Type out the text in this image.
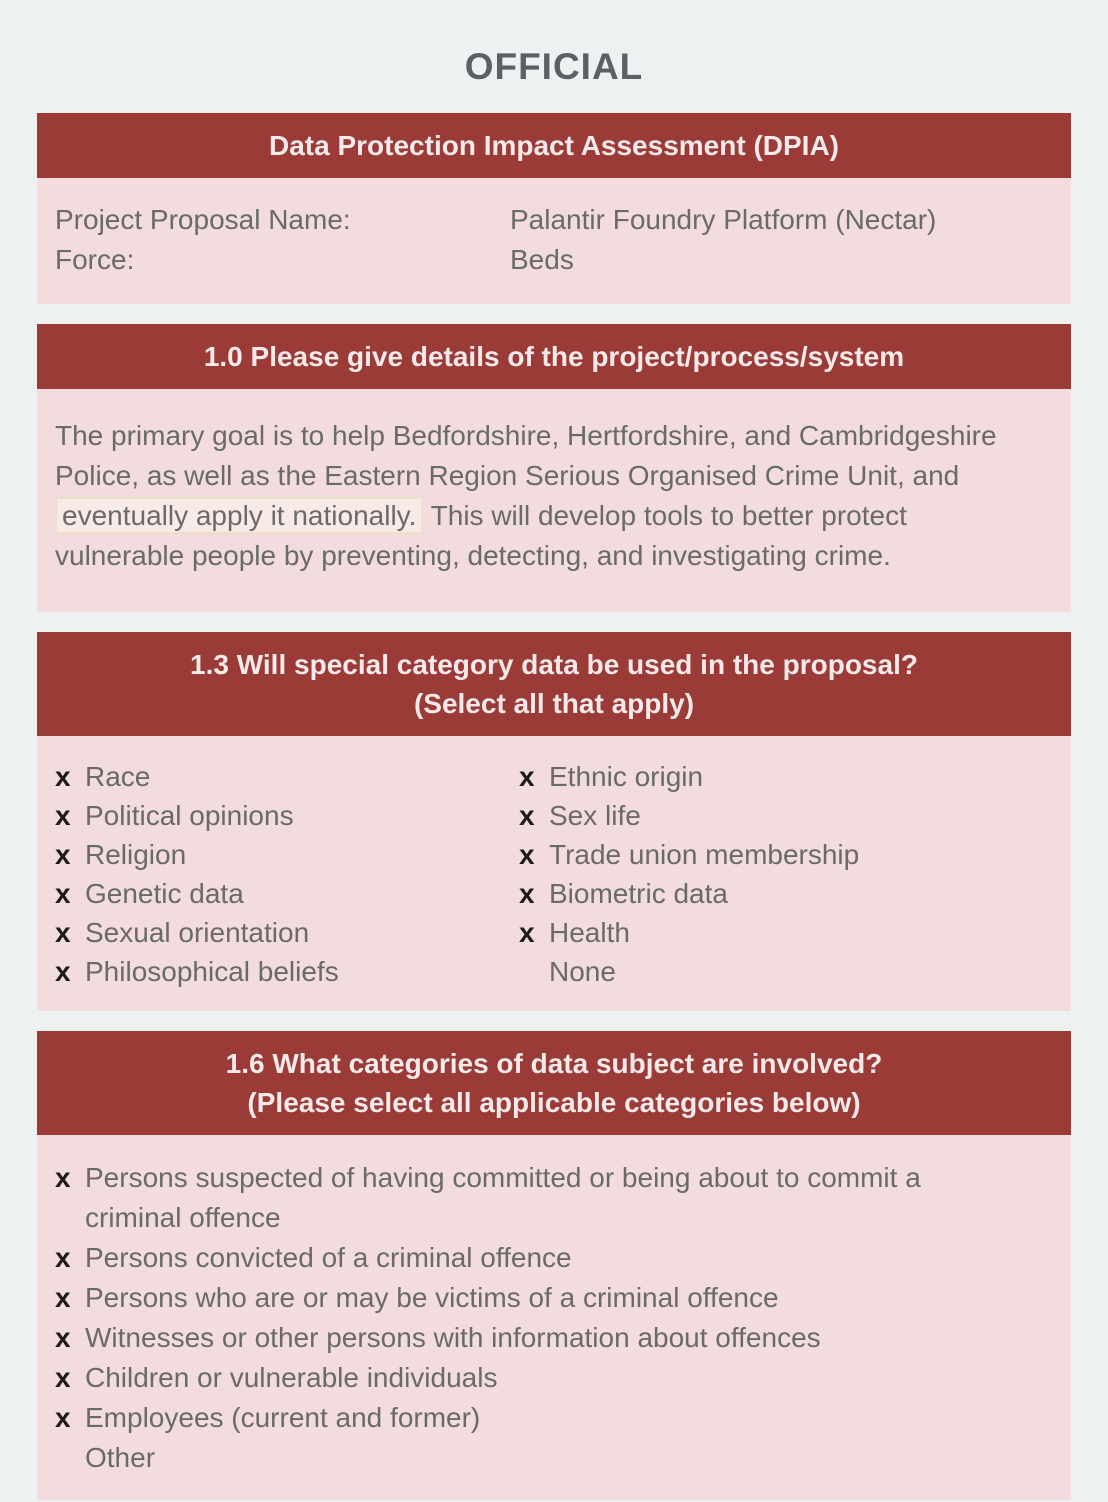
OFFICIAL
Data Protection Impact Assessment (DPIA)
Project Proposal Name:	Palantir Foundry Platform (Nectar)
Force:	Beds
1.0 Please give details of the project/process/system

The primary goal is to help Bedfordshire, Hertfordshire, and Cambridgeshire Police, as well as the Eastern Region Serious Organised Crime Unit, and eventually apply it nationally. This will develop tools to better protect vulnerable people by preventing, detecting, and investigating crime.

1.3 Will special category data be used in the proposal?
(Select all that apply)
x Race
x Political opinions
x Religion
x Genetic data
x Sexual orientation
x Philosophical beliefs
x Ethnic origin
x Sex life
x Trade union membership
x Biometric data
x Health
None
1.6 What categories of data subject are involved?
(Please select all applicable categories below)
x Persons suspected of having committed or being about to commit a criminal offence
x Persons convicted of a criminal offence
x Persons who are or may be victims of a criminal offence
x Witnesses or other persons with information about offences
x Children or vulnerable individuals
x Employees (current and former)
Other
